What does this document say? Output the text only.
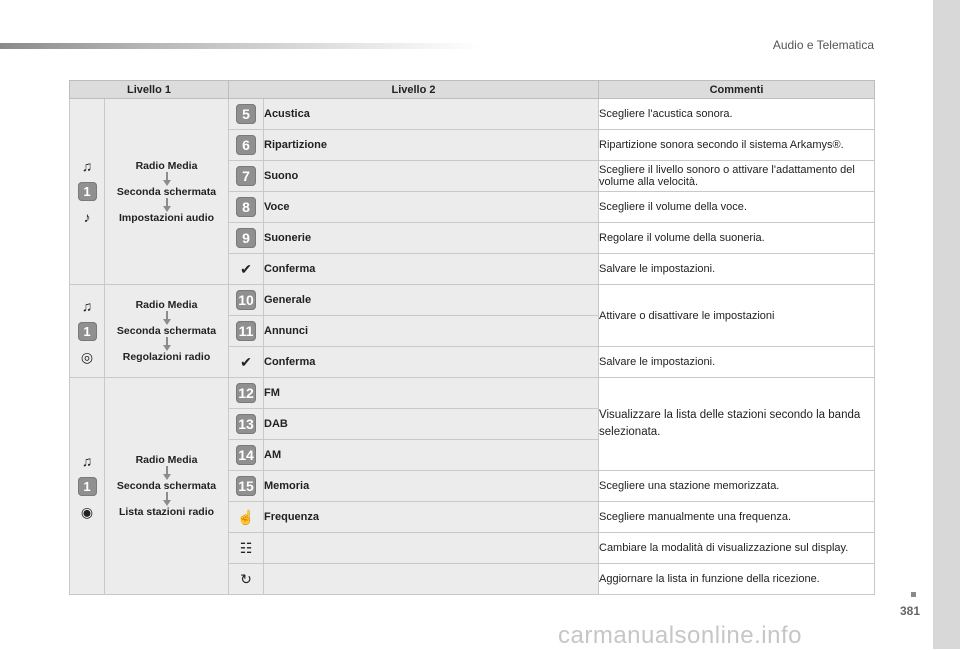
Audio e Telematica
Livello 1		Livello 2		Commenti

♫
1
♪	Radio Media
Seconda schermata
Impostazioni audio	5	Acustica	Scegliere l'acustica sonora.
		6	Ripartizione	Ripartizione sonora secondo il sistema Arkamys®.
		7	Suono	Scegliere il livello sonoro o attivare l'adattamento del volume alla velocità.
		8	Voce	Scegliere il volume della voce.
		9	Suonerie	Regolare il volume della suoneria.
		✔	Conferma	Salvare le impostazioni.

♫
1
◎	Radio Media
Seconda schermata
Regolazioni radio	10	Generale	Attivare o disattivare le impostazioni
		11	Annunci	
		✔	Conferma	Salvare le impostazioni.

♫
1
◉	Radio Media
Seconda schermata
Lista stazioni radio	12	FM	Visualizzare la lista delle stazioni secondo la banda selezionata.
		13	DAB	
		14	AM	
		15	Memoria	Scegliere una stazione memorizzata.
		☝	Frequenza	Scegliere manualmente una frequenza.
		☷		Cambiare la modalità di visualizzazione sul display.
		↻		Aggiornare la lista in funzione della ricezione.
381
carmanualsonline.info
